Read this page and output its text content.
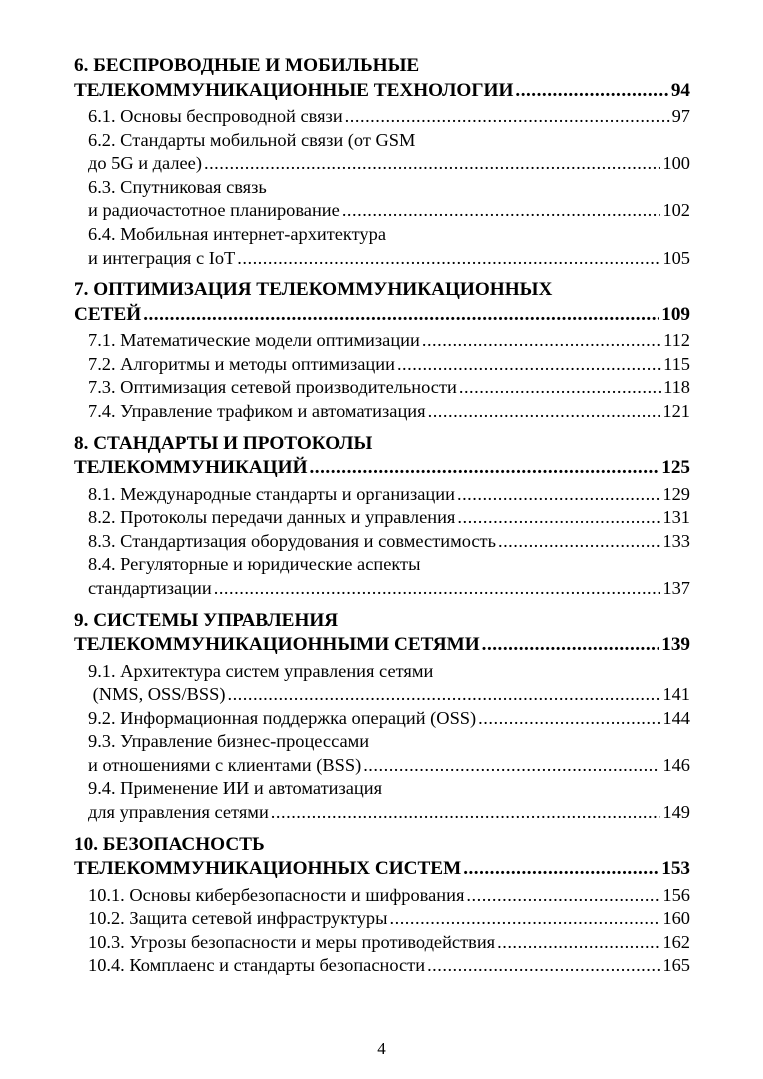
6. БЕСПРОВОДНЫЕ И МОБИЛЬНЫЕ
ТЕЛЕКОММУНИКАЦИОННЫЕ ТЕХНОЛОГИИ .....	94
6.1. Основы беспроводной связи .....	97
6.2. Стандарты мобильной связи (от GSM
до 5G и далее) .....	100
6.3. Спутниковая связь
и радиочастотное планирование .....	102
6.4. Мобильная интернет-архитектура
и интеграция с IoT .....	105
7. ОПТИМИЗАЦИЯ ТЕЛЕКОММУНИКАЦИОННЫХ
СЕТЕЙ .....	109
7.1. Математические модели оптимизации .....	112
7.2. Алгоритмы и методы оптимизации .....	115
7.3. Оптимизация сетевой производительности .....	118
7.4. Управление трафиком и автоматизация .....	121
8. СТАНДАРТЫ И ПРОТОКОЛЫ
ТЕЛЕКОММУНИКАЦИЙ .....	125
8.1. Международные стандарты и организации .....	129
8.2. Протоколы передачи данных и управления .....	131
8.3. Стандартизация оборудования и совместимость .....	133
8.4. Регуляторные и юридические аспекты
стандартизации .....	137
9. СИСТЕМЫ УПРАВЛЕНИЯ
ТЕЛЕКОММУНИКАЦИОННЫМИ СЕТЯМИ .....	139
9.1. Архитектура систем управления сетями
(NMS, OSS/BSS) .....	141
9.2. Информационная поддержка операций (OSS) .....	144
9.3. Управление бизнес-процессами
и отношениями с клиентами (BSS) .....	146
9.4. Применение ИИ и автоматизация
для управления сетями .....	149
10. БЕЗОПАСНОСТЬ
ТЕЛЕКОММУНИКАЦИОННЫХ СИСТЕМ .....	153
10.1. Основы кибербезопасности и шифрования .....	156
10.2. Защита сетевой инфраструктуры .....	160
10.3. Угрозы безопасности и меры противодействия .....	162
10.4. Комплаенс и стандарты безопасности .....	165
4
